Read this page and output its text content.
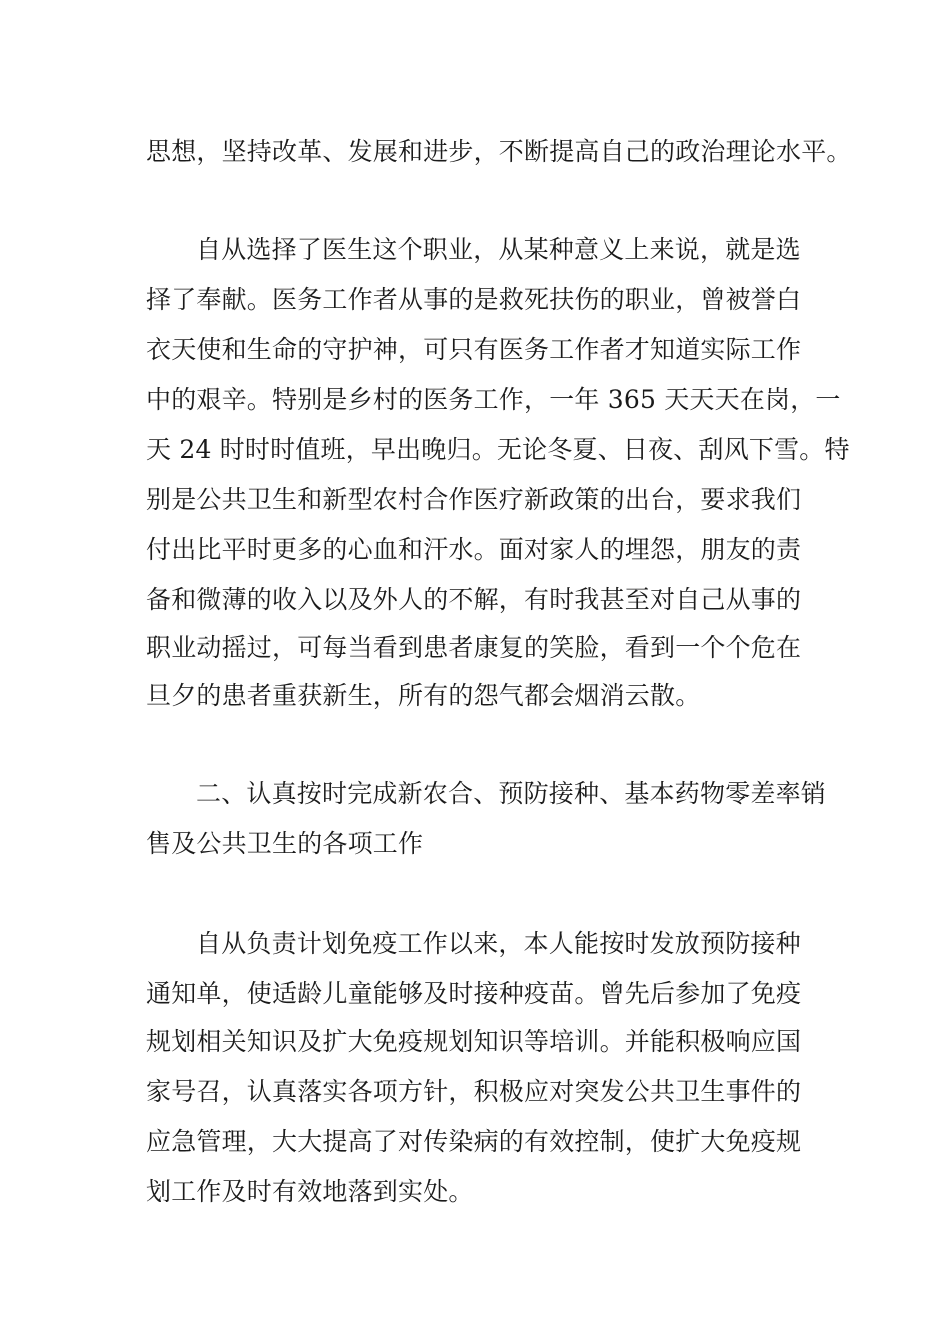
思想，坚持改革、发展和进步，不断提高自己的政治理论水平。
自从选择了医生这个职业，从某种意义上来说，就是选
择了奉献。医务工作者从事的是救死扶伤的职业，曾被誉白
衣天使和生命的守护神，可只有医务工作者才知道实际工作
中的艰辛。特别是乡村的医务工作，一年 365 天天天在岗，一
天 24 时时时值班，早出晚归。无论冬夏、日夜、刮风下雪。特
别是公共卫生和新型农村合作医疗新政策的出台，要求我们
付出比平时更多的心血和汗水。面对家人的埋怨，朋友的责
备和微薄的收入以及外人的不解，有时我甚至对自己从事的
职业动摇过，可每当看到患者康复的笑脸，看到一个个危在
旦夕的患者重获新生，所有的怨气都会烟消云散。
二、认真按时完成新农合、预防接种、基本药物零差率销
售及公共卫生的各项工作
自从负责计划免疫工作以来，本人能按时发放预防接种
通知单，使适龄儿童能够及时接种疫苗。曾先后参加了免疫
规划相关知识及扩大免疫规划知识等培训。并能积极响应国
家号召，认真落实各项方针，积极应对突发公共卫生事件的
应急管理，大大提高了对传染病的有效控制，使扩大免疫规
划工作及时有效地落到实处。
